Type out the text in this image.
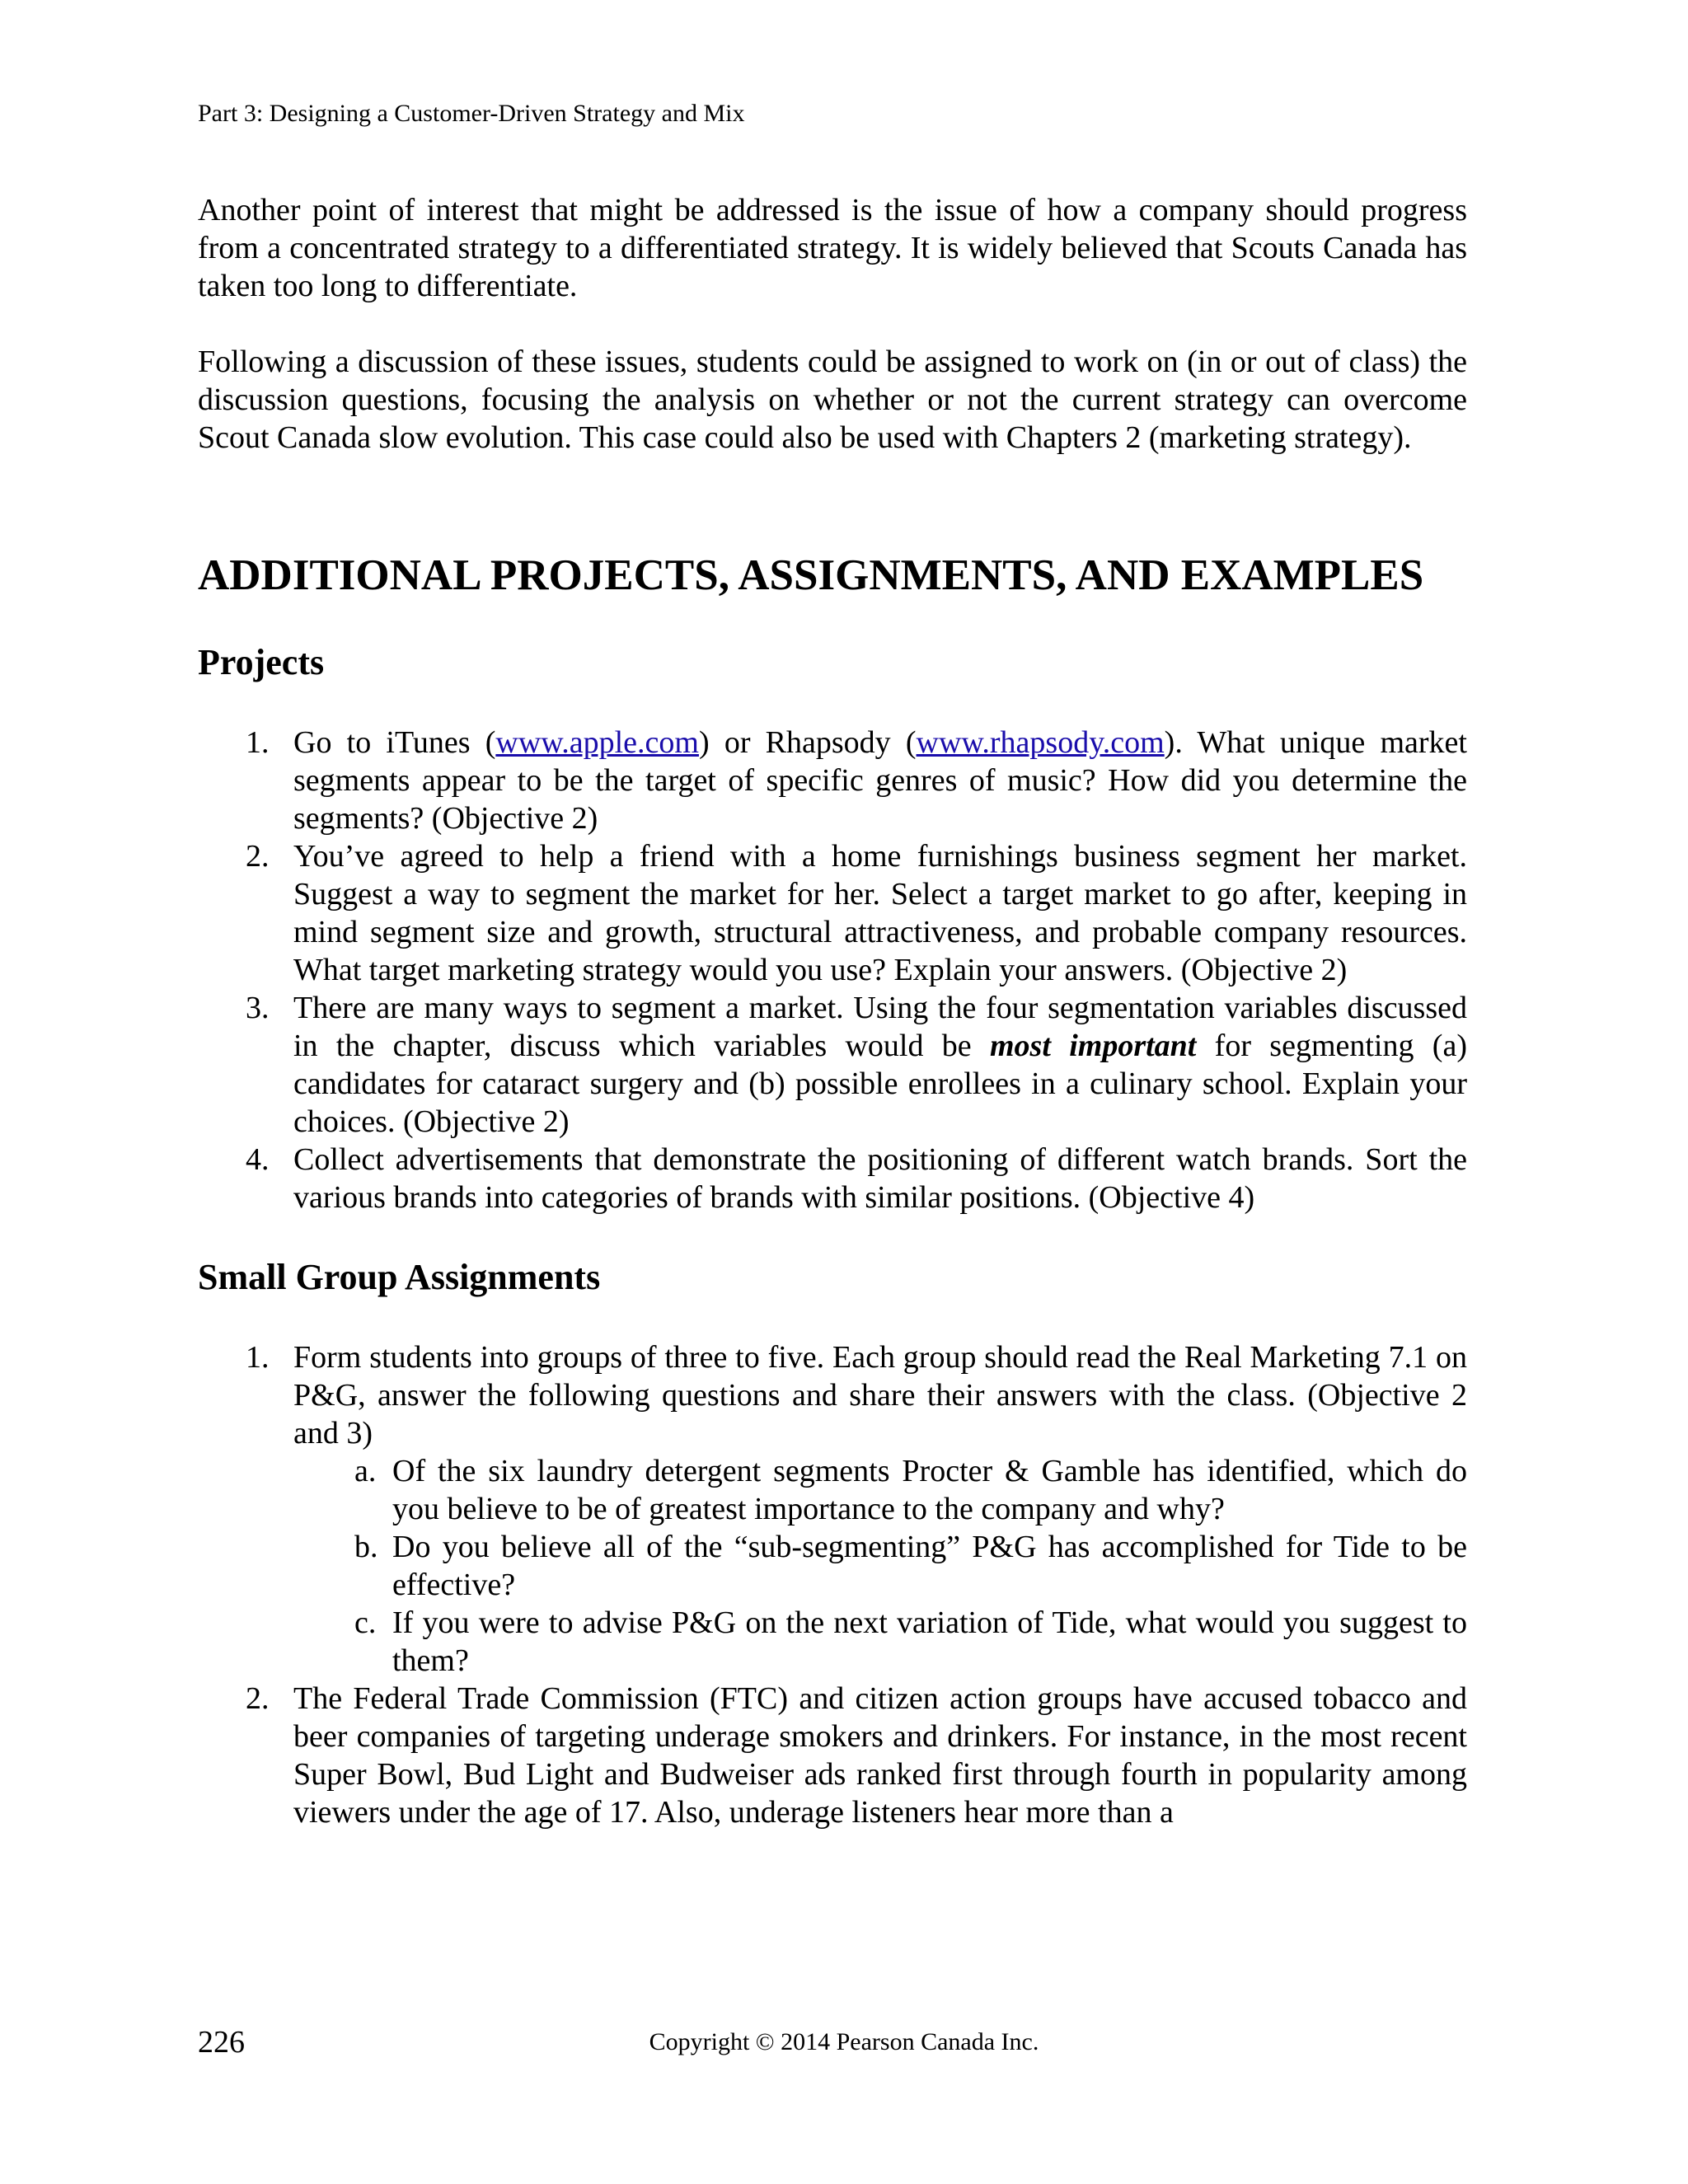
Part 3: Designing a Customer-Driven Strategy and Mix

Another point of interest that might be addressed is the issue of how a company should progress from a concentrated strategy to a differentiated strategy. It is widely believed that Scouts Canada has taken too long to differentiate.

Following a discussion of these issues, students could be assigned to work on (in or out of class) the discussion questions, focusing the analysis on whether or not the current strategy can overcome Scout Canada slow evolution. This case could also be used with Chapters 2 (marketing strategy).

ADDITIONAL PROJECTS, ASSIGNMENTS, AND EXAMPLES
Projects
1. Go to iTunes (www.apple.com) or Rhapsody (www.rhapsody.com). What unique market segments appear to be the target of specific genres of music? How did you determine the segments? (Objective 2)
2. You’ve agreed to help a friend with a home furnishings business segment her market. Suggest a way to segment the market for her. Select a target market to go after, keeping in mind segment size and growth, structural attractiveness, and probable company resources. What target marketing strategy would you use? Explain your answers. (Objective 2)
3. There are many ways to segment a market. Using the four segmentation variables discussed in the chapter, discuss which variables would be most important for segmenting (a) candidates for cataract surgery and (b) possible enrollees in a culinary school. Explain your choices. (Objective 2)
4. Collect advertisements that demonstrate the positioning of different watch brands. Sort the various brands into categories of brands with similar positions. (Objective 4)
Small Group Assignments
1. Form students into groups of three to five. Each group should read the Real Marketing 7.1 on P&G, answer the following questions and share their answers with the class. (Objective 2 and 3)
a. Of the six laundry detergent segments Procter & Gamble has identified, which do you believe to be of greatest importance to the company and why?
b. Do you believe all of the “sub-segmenting” P&G has accomplished for Tide to be effective?
c. If you were to advise P&G on the next variation of Tide, what would you suggest to them?
2. The Federal Trade Commission (FTC) and citizen action groups have accused tobacco and beer companies of targeting underage smokers and drinkers. For instance, in the most recent Super Bowl, Bud Light and Budweiser ads ranked first through fourth in popularity among viewers under the age of 17. Also, underage listeners hear more than a
226	Copyright © 2014 Pearson Canada Inc.
